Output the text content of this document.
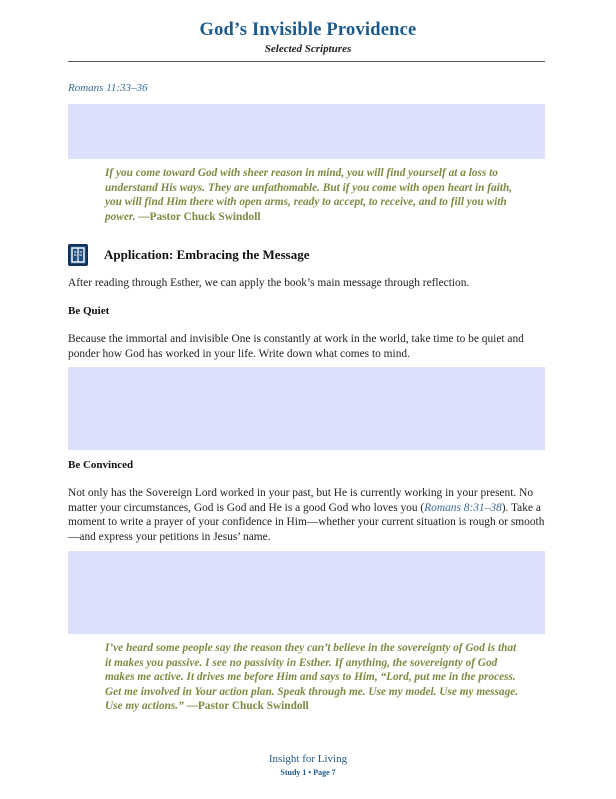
God’s Invisible Providence
Selected Scriptures
Romans 11:33–36
If you come toward God with sheer reason in mind, you will find yourself at a loss to understand His ways. They are unfathomable. But if you come with open heart in faith, you will find Him there with open arms, ready to accept, to receive, and to fill you with power. —Pastor Chuck Swindoll
Application: Embracing the Message
After reading through Esther, we can apply the book’s main message through reflection.
Be Quiet
Because the immortal and invisible One is constantly at work in the world, take time to be quiet and ponder how God has worked in your life. Write down what comes to mind.
Be Convinced
Not only has the Sovereign Lord worked in your past, but He is currently working in your present. No matter your circumstances, God is God and He is a good God who loves you (Romans 8:31–38). Take a moment to write a prayer of your confidence in Him—whether your current situation is rough or smooth—and express your petitions in Jesus’ name.
I’ve heard some people say the reason they can’t believe in the sovereignty of God is that it makes you passive. I see no passivity in Esther. If anything, the sovereignty of God makes me active. It drives me before Him and says to Him, “Lord, put me in the process. Get me involved in Your action plan. Speak through me. Use my model. Use my message. Use my actions.” —Pastor Chuck Swindoll
Insight for Living
Study 1 • Page 7
